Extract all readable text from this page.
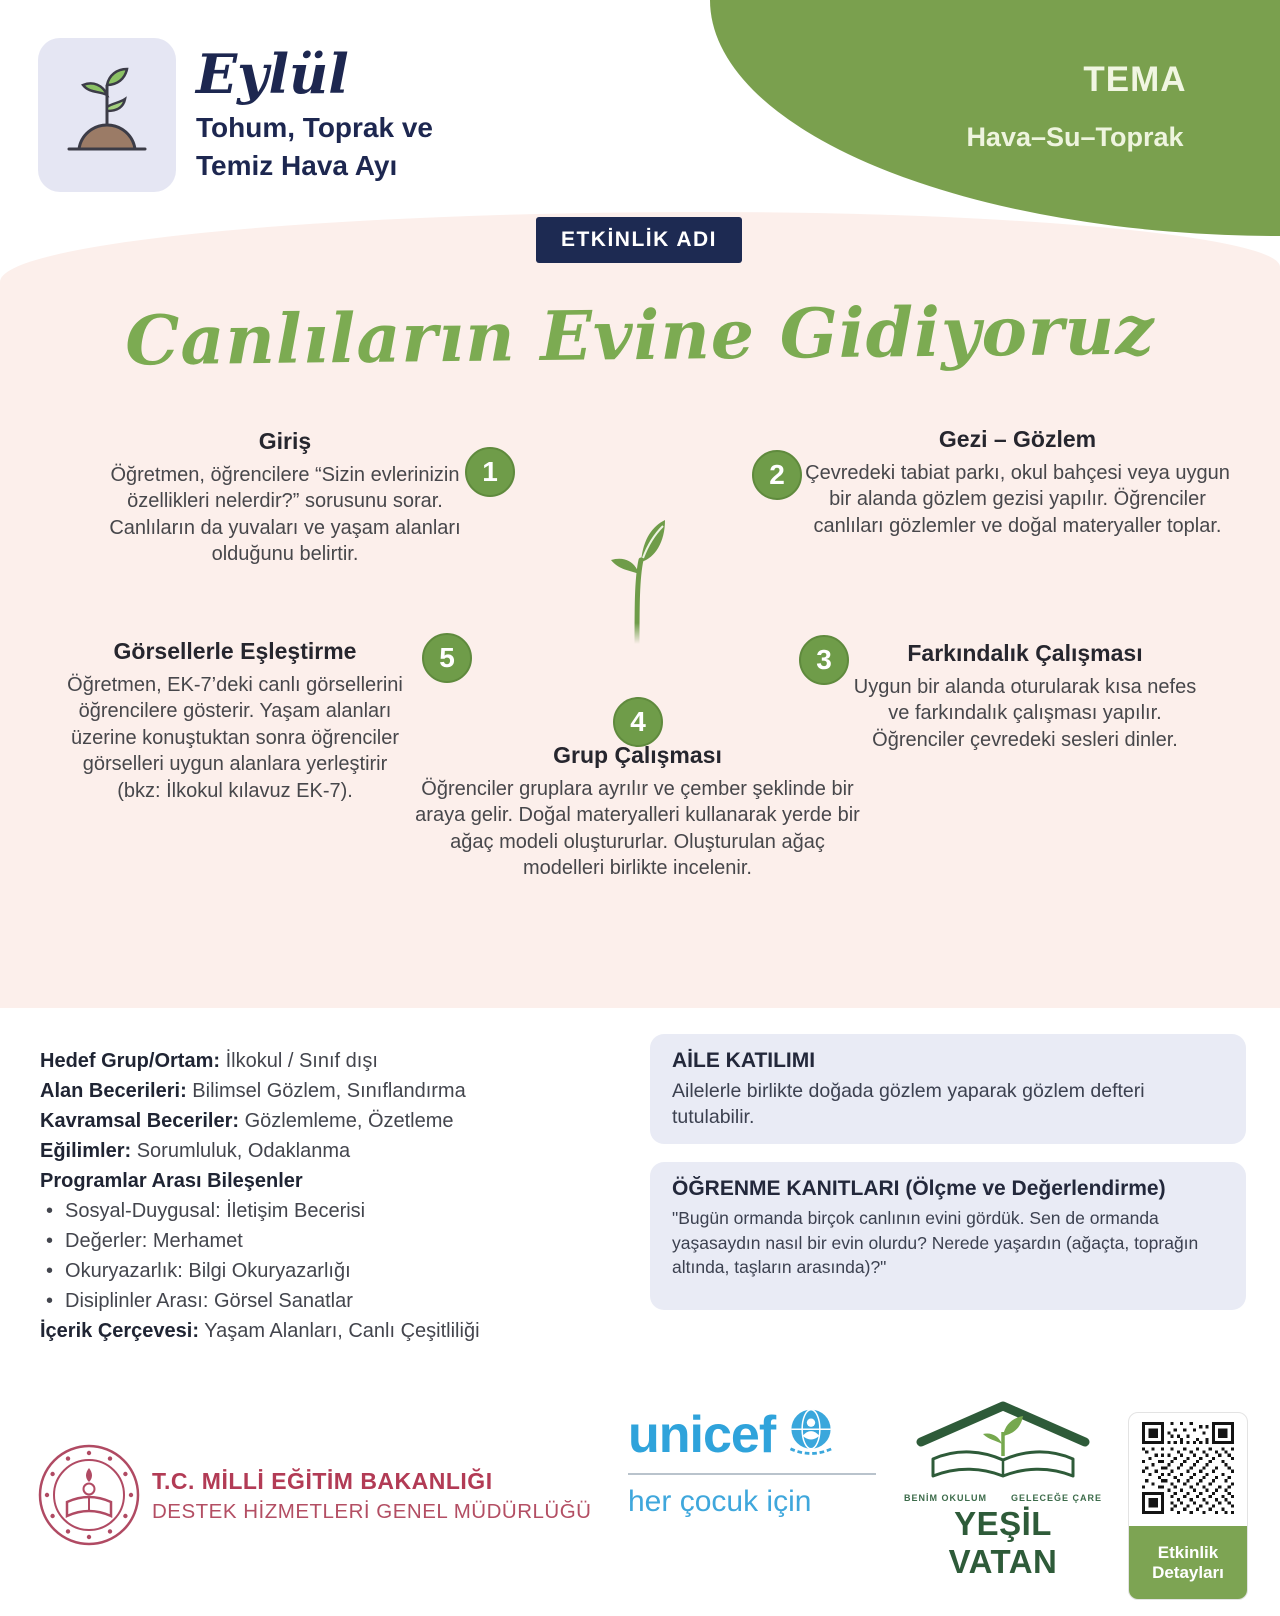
TEMA
Hava–Su–Toprak
Eylül
Tohum, Toprak ve
Temiz Hava Ayı
ETKİNLİK ADI
Canlıların Evine Gidiyoruz
1	2
3
4
5
Giriş
Öğretmen, öğrencilere “Sizin evlerinizin özellikleri nelerdir?” sorusunu sorar. Canlıların da yuvaları ve yaşam alanları olduğunu belirtir.
Gezi – Gözlem
Çevredeki tabiat parkı, okul bahçesi veya uygun bir alanda gözlem gezisi yapılır. Öğrenciler canlıları gözlemler ve doğal materyaller toplar.
Farkındalık Çalışması
Uygun bir alanda oturularak kısa nefes ve farkındalık çalışması yapılır. Öğrenciler çevredeki sesleri dinler.
Grup Çalışması
Öğrenciler gruplara ayrılır ve çember şeklinde bir araya gelir. Doğal materyalleri kullanarak yerde bir ağaç modeli oluştururlar. Oluşturulan ağaç modelleri birlikte incelenir.
Görsellerle Eşleştirme
Öğretmen, EK-7’deki canlı görsellerini öğrencilere gösterir. Yaşam alanları üzerine konuştuktan sonra öğrenciler görselleri uygun alanlara yerleştirir (bkz: İlkokul kılavuz EK-7).
Hedef Grup/Ortam: İlkokul / Sınıf dışı
Alan Becerileri: Bilimsel Gözlem, Sınıflandırma
Kavramsal Beceriler: Gözlemleme, Özetleme
Eğilimler: Sorumluluk, Odaklanma
Programlar Arası Bileşenler
• Sosyal-Duygusal: İletişim Becerisi
• Değerler: Merhamet
• Okuryazarlık: Bilgi Okuryazarlığı
• Disiplinler Arası: Görsel Sanatlar
İçerik Çerçevesi: Yaşam Alanları, Canlı Çeşitliliği
AİLE KATILIMI
Ailelerle birlikte doğada gözlem yaparak gözlem defteri tutulabilir.
ÖĞRENME KANITLARI (Ölçme ve Değerlendirme)
"Bugün ormanda birçok canlının evini gördük. Sen de ormanda yaşasaydın nasıl bir evin olurdu? Nerede yaşardın (ağaçta, toprağın altında, taşların arasında)?"
T.C. MİLLİ EĞİTİM BAKANLIĞI
DESTEK HİZMETLERİ GENEL MÜDÜRLÜĞÜ
unicef
her çocuk için	BENİM OKULUM	GELECEĞE ÇARE
YEŞİL VATAN	Etkinlik Detayları
